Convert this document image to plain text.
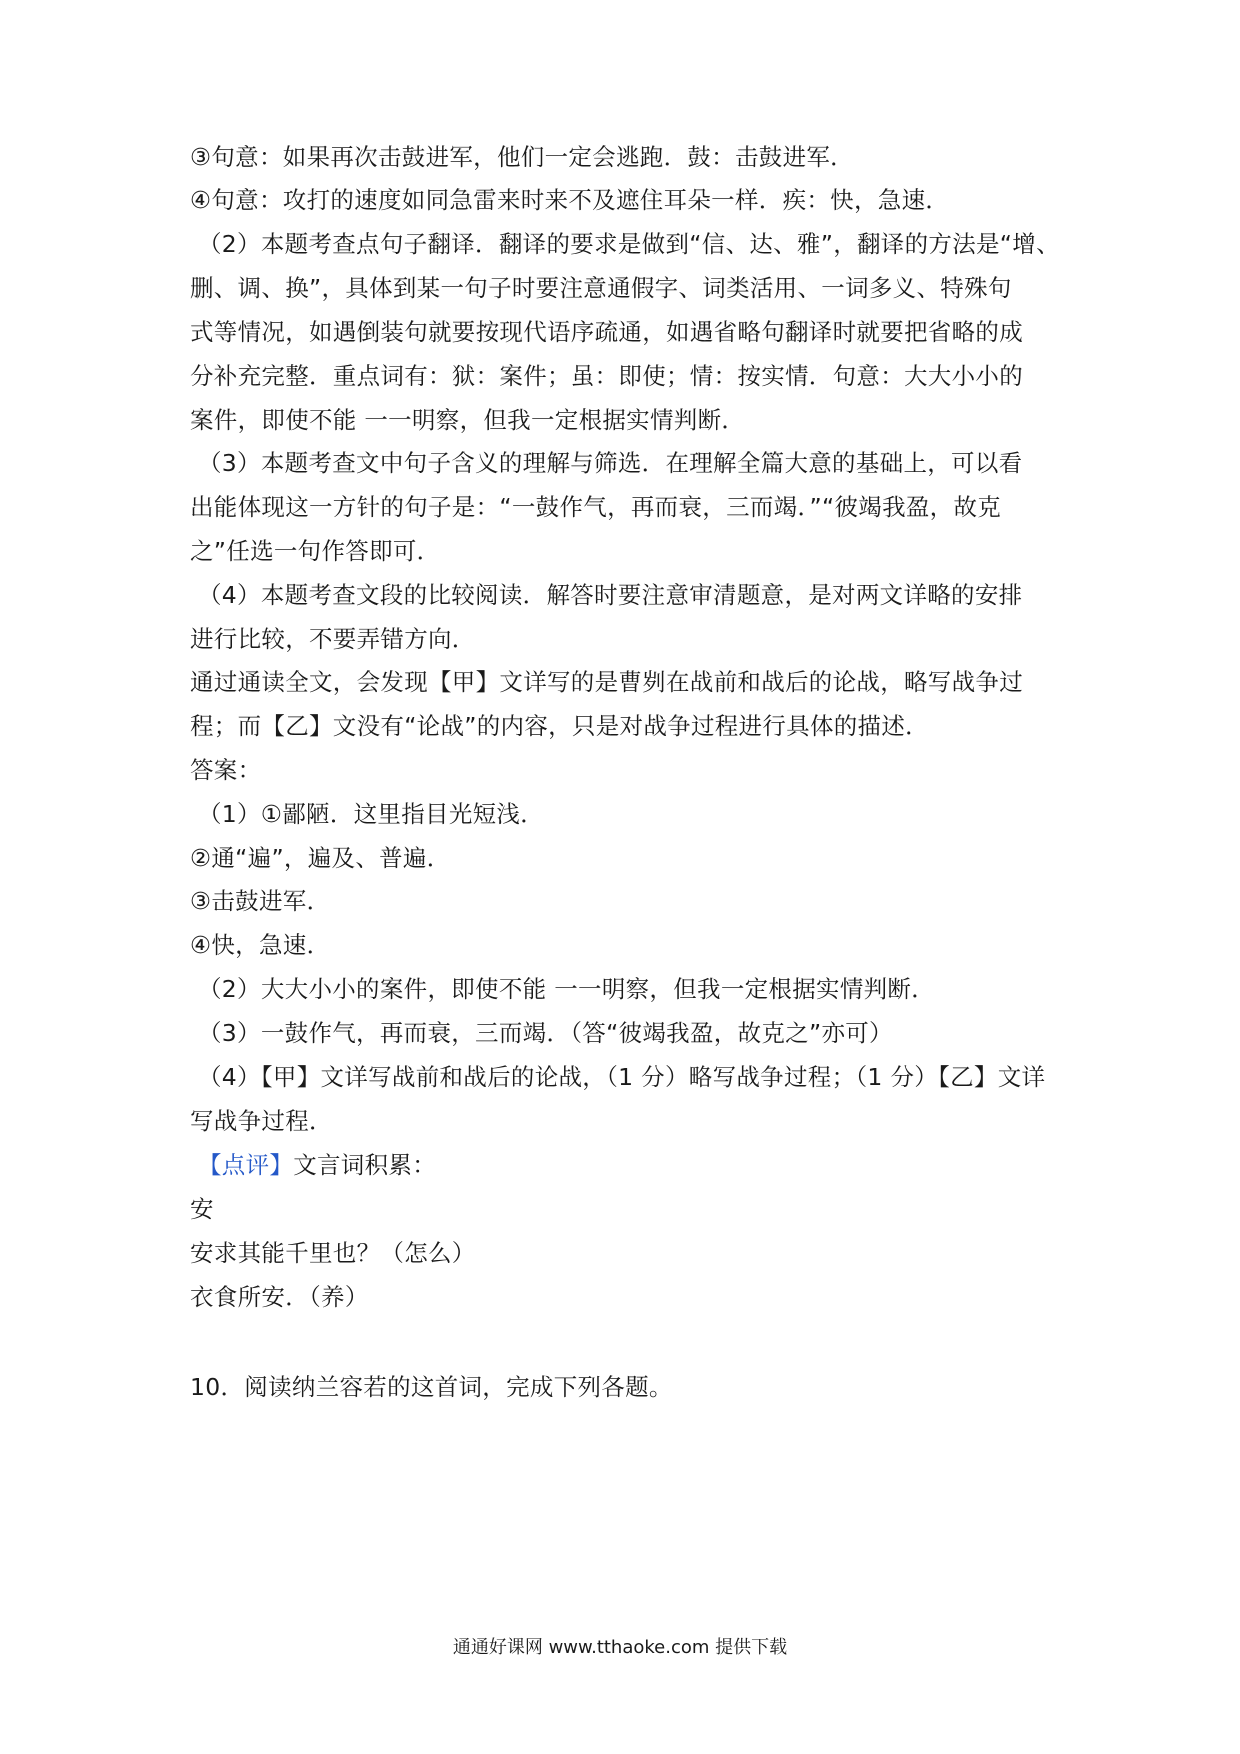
③句意：如果再次击鼓进军，他们一定会逃跑．鼓：击鼓进军．
④句意：攻打的速度如同急雷来时来不及遮住耳朵一样．疾：快，急速．
（2）本题考查点句子翻译．翻译的要求是做到“信、达、雅”，翻译的方法是“增、
删、调、换”，具体到某一句子时要注意通假字、词类活用、一词多义、特殊句
式等情况，如遇倒装句就要按现代语序疏通，如遇省略句翻译时就要把省略的成
分补充完整．重点词有：狱：案件；虽：即使；情：按实情．句意：大大小小的
案件，即使不能 一一明察，但我一定根据实情判断．
（3）本题考查文中句子含义的理解与筛选．在理解全篇大意的基础上，可以看
出能体现这一方针的句子是：“一鼓作气，再而衰，三而竭．”“彼竭我盈，故克
之”任选一句作答即可．
（4）本题考查文段的比较阅读．解答时要注意审清题意，是对两文详略的安排
进行比较，不要弄错方向．
通过通读全文，会发现【甲】文详写的是曹刿在战前和战后的论战，略写战争过
程；而【乙】文没有“论战”的内容，只是对战争过程进行具体的描述．
答案：
（1）①鄙陋．这里指目光短浅．
②通“遍”，遍及、普遍．
③击鼓进军．
④快，急速．
（2）大大小小的案件，即使不能 一一明察，但我一定根据实情判断．
（3）一鼓作气，再而衰，三而竭．（答“彼竭我盈，故克之”亦可）
（4）【甲】文详写战前和战后的论战，（1 分）略写战争过程；（1 分）【乙】文详
写战争过程．
【点评】文言词积累：
安
安求其能千里也？（怎么）
衣食所安．（养）
10．阅读纳兰容若的这首词，完成下列各题。
通通好课网 www.tthaoke.com 提供下载
